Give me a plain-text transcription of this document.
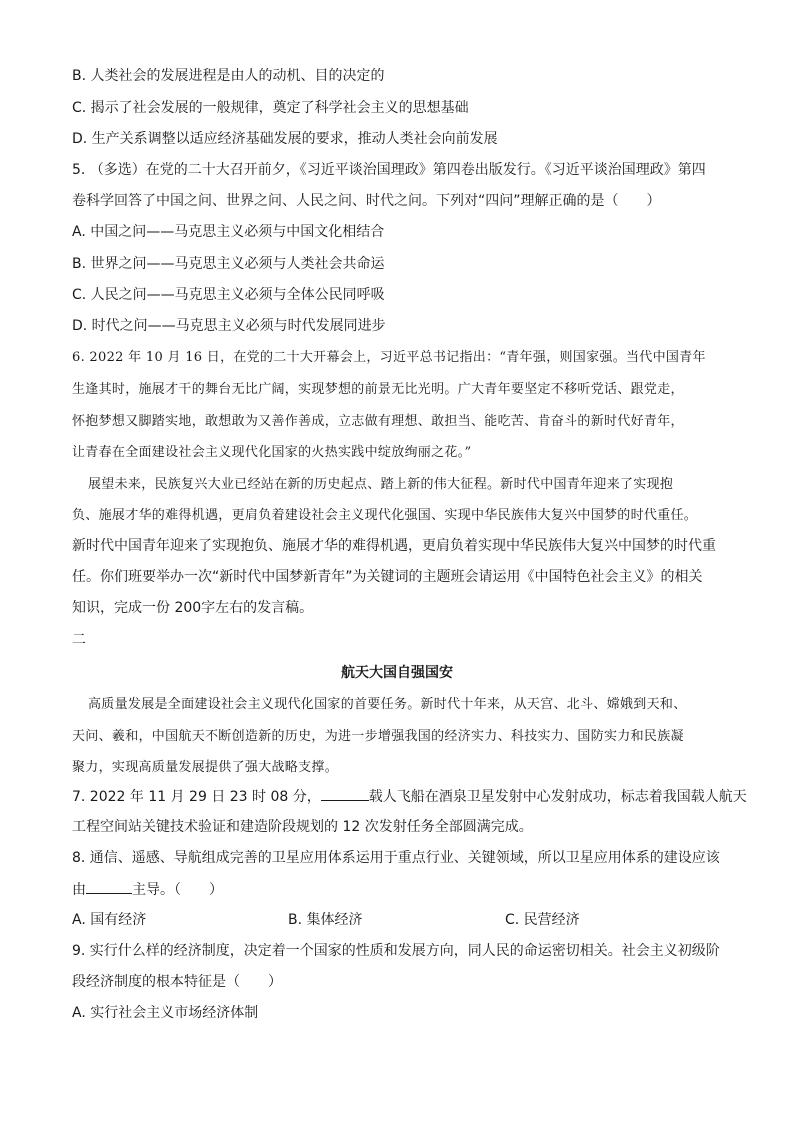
B. 人类社会的发展进程是由人的动机、目的决定的
C. 揭示了社会发展的一般规律，奠定了科学社会主义的思想基础
D. 生产关系调整以适应经济基础发展的要求，推动人类社会向前发展
5. （多选）在党的二十大召开前夕，《习近平谈治国理政》第四卷出版发行。《习近平谈治国理政》第四
卷科学回答了中国之问、世界之问、人民之问、时代之问。下列对“四问”理解正确的是（　　）
A. 中国之问——马克思主义必须与中国文化相结合
B. 世界之问——马克思主义必须与人类社会共命运
C. 人民之问——马克思主义必须与全体公民同呼吸
D. 时代之问——马克思主义必须与时代发展同进步
6. 2022 年 10 月 16 日，在党的二十大开幕会上，习近平总书记指出：“青年强，则国家强。当代中国青年
生逢其时，施展才干的舞台无比广阔，实现梦想的前景无比光明。广大青年要坚定不移听党话、跟党走，
怀抱梦想又脚踏实地，敢想敢为又善作善成，立志做有理想、敢担当、能吃苦、肯奋斗的新时代好青年，
让青春在全面建设社会主义现代化国家的火热实践中绽放绚丽之花。”
展望未来，民族复兴大业已经站在新的历史起点、踏上新的伟大征程。新时代中国青年迎来了实现抱
负、施展才华的难得机遇，更肩负着建设社会主义现代化强国、实现中华民族伟大复兴中国梦的时代重任。
新时代中国青年迎来了实现抱负、施展才华的难得机遇，更肩负着实现中华民族伟大复兴中国梦的时代重
任。你们班要举办一次“新时代中国梦新青年”为关键词的主题班会请运用《中国特色社会主义》的相关
知识，完成一份 200字左右的发言稿。
二
航天大国自强国安
高质量发展是全面建设社会主义现代化国家的首要任务。新时代十年来，从天宫、北斗、嫦娥到天和、
天问、羲和，中国航天不断创造新的历史，为进一步增强我国的经济实力、科技实力、国防实力和民族凝
聚力，实现高质量发展提供了强大战略支撑。
7. 2022 年 11 月 29 日 23 时 08 分，	载人飞船在酒泉卫星发射中心发射成功，标志着我国载人航天
工程空间站关键技术验证和建造阶段规划的 12 次发射任务全部圆满完成。
8. 通信、遥感、导航组成完善的卫星应用体系运用于重点行业、关键领域，所以卫星应用体系的建设应该
由	主导。（　　）
A. 国有经济	B. 集体经济	C. 民营经济
9. 实行什么样的经济制度，决定着一个国家的性质和发展方向，同人民的命运密切相关。社会主义初级阶
段经济制度的根本特征是（　　）
A. 实行社会主义市场经济体制
